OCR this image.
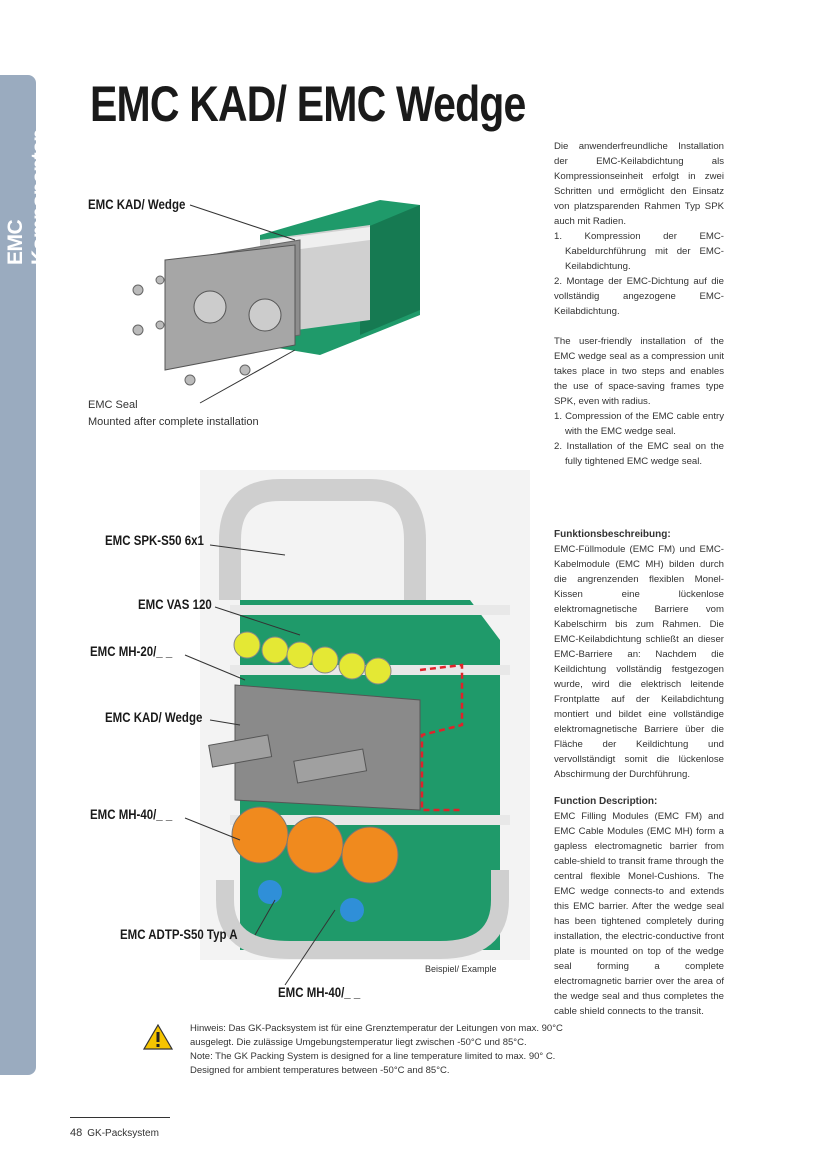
EMC Komponenten
EMC KAD/ EMC Wedge
EMC KAD/ Wedge
EMC Seal
Mounted after complete installation

Die anwenderfreundliche Installation der EMC-Keilabdichtung als Kompressionseinheit erfolgt in zwei Schritten und ermöglicht den Einsatz von platzsparenden Rahmen Typ SPK auch mit Radien.

1. Kompression der EMC-Kabeldurchführung mit der EMC-Keilabdichtung.

2. Montage der EMC-Dichtung auf die vollständig angezogene EMC-Keilabdichtung.

The user-friendly installation of the EMC wedge seal as a compression unit takes place in two steps and enables the use of space-saving frames type SPK, even with radius.

1. Compression of the EMC cable entry with the EMC wedge seal.

2. Installation of the EMC seal on the fully tightened EMC wedge seal.

Funktionsbeschreibung:

EMC-Füllmodule (EMC FM) und EMC-Kabelmodule (EMC MH) bilden durch die angrenzenden flexiblen Monel-Kissen eine lückenlose elektromagnetische Barriere vom Kabelschirm bis zum Rahmen. Die EMC-Keilabdichtung schließt an dieser EMC-Barriere an: Nachdem die Keildichtung vollständig festgezogen wurde, wird die elektrisch leitende Frontplatte auf der Keilabdichtung montiert und bildet eine vollständige elektromagnetische Barriere über die Fläche der Keildichtung und vervollständigt somit die lückenlose Abschirmung der Durchführung.

Function Description:

EMC Filling Modules (EMC FM) and EMC Cable Modules (EMC MH) form a gapless electromagnetic barrier from cable-shield to transit frame through the central flexible Monel-Cushions. The EMC wedge connects-to and extends this EMC barrier. After the wedge seal has been tightened completely during installation, the electric-conductive front plate is mounted on top of the wedge seal forming a complete electromagnetic barrier over the area of the wedge seal and thus completes the cable shield connects to the transit.

EMC SPK-S50 6x1
EMC VAS 120
EMC MH-20/_ _
EMC KAD/ Wedge
EMC MH-40/_ _
EMC ADTP-S50 Typ A
EMC MH-40/_ _
Beispiel/ Example
Hinweis: Das GK-Packsystem ist für eine Grenztemperatur der Leitungen von max. 90°C
ausgelegt. Die zulässige Umgebungstemperatur liegt zwischen -50°C und 85°C.
Note: The GK Packing System is designed for a line temperature limited to max. 90° C.
Designed for ambient temperatures between -50°C and 85°C.
48 GK-Packsystem
